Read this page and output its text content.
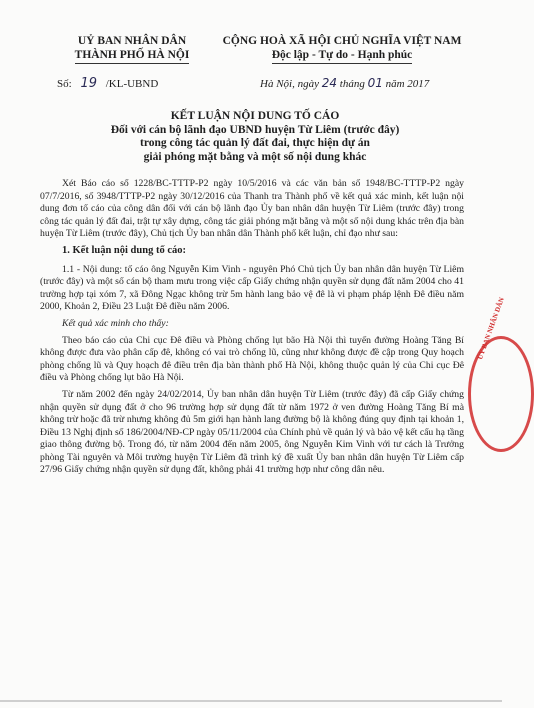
UỶ BAN NHÂN DÂN
THÀNH PHỐ HÀ NỘI
CỘNG HOÀ XÃ HỘI CHỦ NGHĨA VIỆT NAM
Độc lập - Tự do - Hạnh phúc
Số: 19 /KL-UBND	Hà Nội, ngày 24 tháng 01 năm 2017
KẾT LUẬN NỘI DUNG TỐ CÁO
Đối với cán bộ lãnh đạo UBND huyện Từ Liêm (trước đây)
trong công tác quản lý đất đai, thực hiện dự án
giải phóng mặt bằng và một số nội dung khác

Xét Báo cáo số 1228/BC-TTTP-P2 ngày 10/5/2016 và các văn bản số 1948/BC-TTTP-P2 ngày 07/7/2016, số 3948/TTTP-P2 ngày 30/12/2016 của Thanh tra Thành phố về kết quả xác minh, kết luận nội dung đơn tố cáo của công dân đối với cán bộ lãnh đạo Ủy ban nhân dân huyện Từ Liêm (trước đây) trong công tác quản lý đất đai, trật tự xây dựng, công tác giải phóng mặt bằng và một số nội dung khác trên địa bàn huyện Từ Liêm (trước đây), Chủ tịch Ủy ban nhân dân Thành phố kết luận, chỉ đạo như sau:

1. Kết luận nội dung tố cáo:

1.1 - Nội dung: tố cáo ông Nguyễn Kim Vinh - nguyên Phó Chủ tịch Ủy ban nhân dân huyện Từ Liêm (trước đây) và một số cán bộ tham mưu trong việc cấp Giấy chứng nhận quyền sử dụng đất năm 2004 cho 41 trường hợp tại xóm 7, xã Đông Ngạc không trừ 5m hành lang bảo vệ đê là vi phạm pháp lệnh Đê điều năm 2000, Khoản 2, Điều 23 Luật Đê điều năm 2006.

Kết quả xác minh cho thấy:

Theo báo cáo của Chi cục Đê điều và Phòng chống lụt bão Hà Nội thì tuyến đường Hoàng Tăng Bí không được đưa vào phân cấp đê, không có vai trò chống lũ, cũng như không được đề cập trong Quy hoạch phòng chống lũ và Quy hoạch đê điều trên địa bàn thành phố Hà Nội, không thuộc quản lý của Chi cục Đê điều và Phòng chống lụt bão Hà Nội.

Từ năm 2002 đến ngày 24/02/2014, Ủy ban nhân dân huyện Từ Liêm (trước đây) đã cấp Giấy chứng nhận quyền sử dụng đất ở cho 96 trường hợp sử dụng đất từ năm 1972 ở ven đường Hoàng Tăng Bí mà không trừ hoặc đã trừ nhưng không đủ 5m giới hạn hành lang đường bộ là không đúng quy định tại khoản 1, Điều 13 Nghị định số 186/2004/NĐ-CP ngày 05/11/2004 của Chính phủ về quản lý và bảo vệ kết cấu hạ tầng giao thông đường bộ. Trong đó, từ năm 2004 đến năm 2005, ông Nguyễn Kim Vinh với tư cách là Trưởng phòng Tài nguyên và Môi trường huyện Từ Liêm đã trình ký đề xuất Ủy ban nhân dân huyện Từ Liêm cấp 27/96 Giấy chứng nhận quyền sử dụng đất, không phải 41 trường hợp như công dân nêu.

ỦY BAN NHÂN DÂN
